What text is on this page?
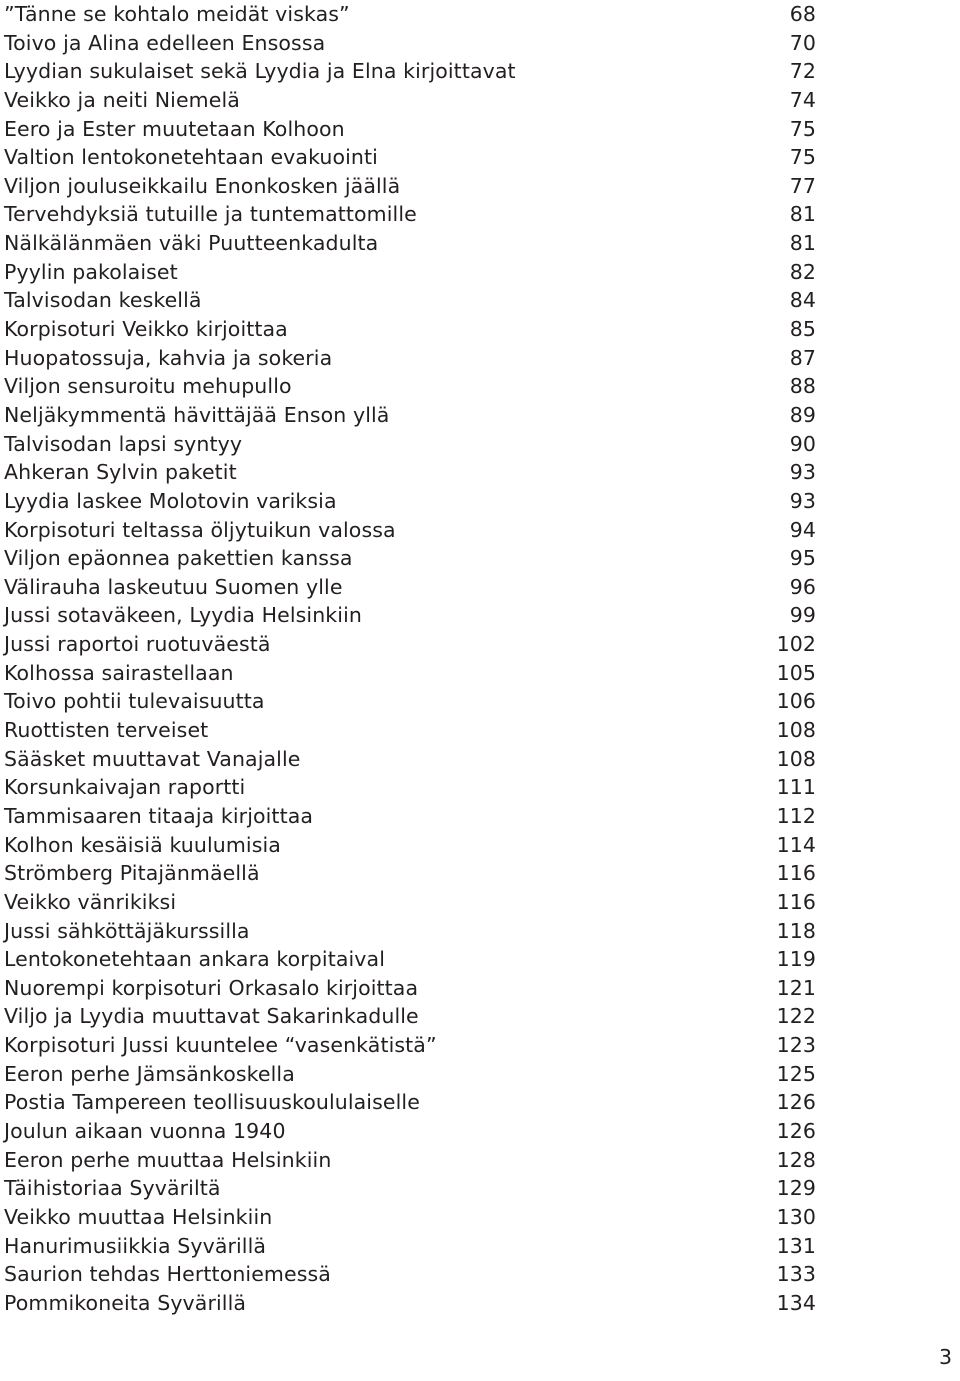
”Tänne se kohtalo meidät viskas”	68
Toivo ja Alina edelleen Ensossa	70
Lyydian sukulaiset sekä Lyydia ja Elna kirjoittavat	72
Veikko ja neiti Niemelä	74
Eero ja Ester muutetaan Kolhoon	75
Valtion lentokonetehtaan evakuointi	75
Viljon jouluseikkailu Enonkosken jäällä	77
Tervehdyksiä tutuille ja tuntemattomille	81
Nälkälänmäen väki Puutteenkadulta	81
Pyylin pakolaiset	82
Talvisodan keskellä	84
Korpisoturi Veikko kirjoittaa	85
Huopatossuja, kahvia ja sokeria	87
Viljon sensuroitu mehupullo	88
Neljäkymmentä hävittäjää Enson yllä	89
Talvisodan lapsi syntyy	90
Ahkeran Sylvin paketit	93
Lyydia laskee Molotovin variksia	93
Korpisoturi teltassa öljytuikun valossa	94
Viljon epäonnea pakettien kanssa	95
Välirauha laskeutuu Suomen ylle	96
Jussi sotaväkeen, Lyydia Helsinkiin	99
Jussi raportoi ruotuväestä	102
Kolhossa sairastellaan	105
Toivo pohtii tulevaisuutta	106
Ruottisten terveiset	108
Sääsket muuttavat Vanajalle	108
Korsunkaivajan raportti	111
Tammisaaren titaaja kirjoittaa	112
Kolhon kesäisiä kuulumisia	114
Strömberg Pitajänmäellä	116
Veikko vänrikiksi	116
Jussi sähköttäjäkurssilla	118
Lentokonetehtaan ankara korpitaival	119
Nuorempi korpisoturi Orkasalo kirjoittaa	121
Viljo ja Lyydia muuttavat Sakarinkadulle	122
Korpisoturi Jussi kuuntelee “vasenkätistä”	123
Eeron perhe Jämsänkoskella	125
Postia Tampereen teollisuuskoululaiselle	126
Joulun aikaan vuonna 1940	126
Eeron perhe muuttaa Helsinkiin	128
Täihistoriaa Syväriltä	129
Veikko muuttaa Helsinkiin	130
Hanurimusiikkia Syvärillä	131
Saurion tehdas Herttoniemessä	133
Pommikoneita Syvärillä	134
3
